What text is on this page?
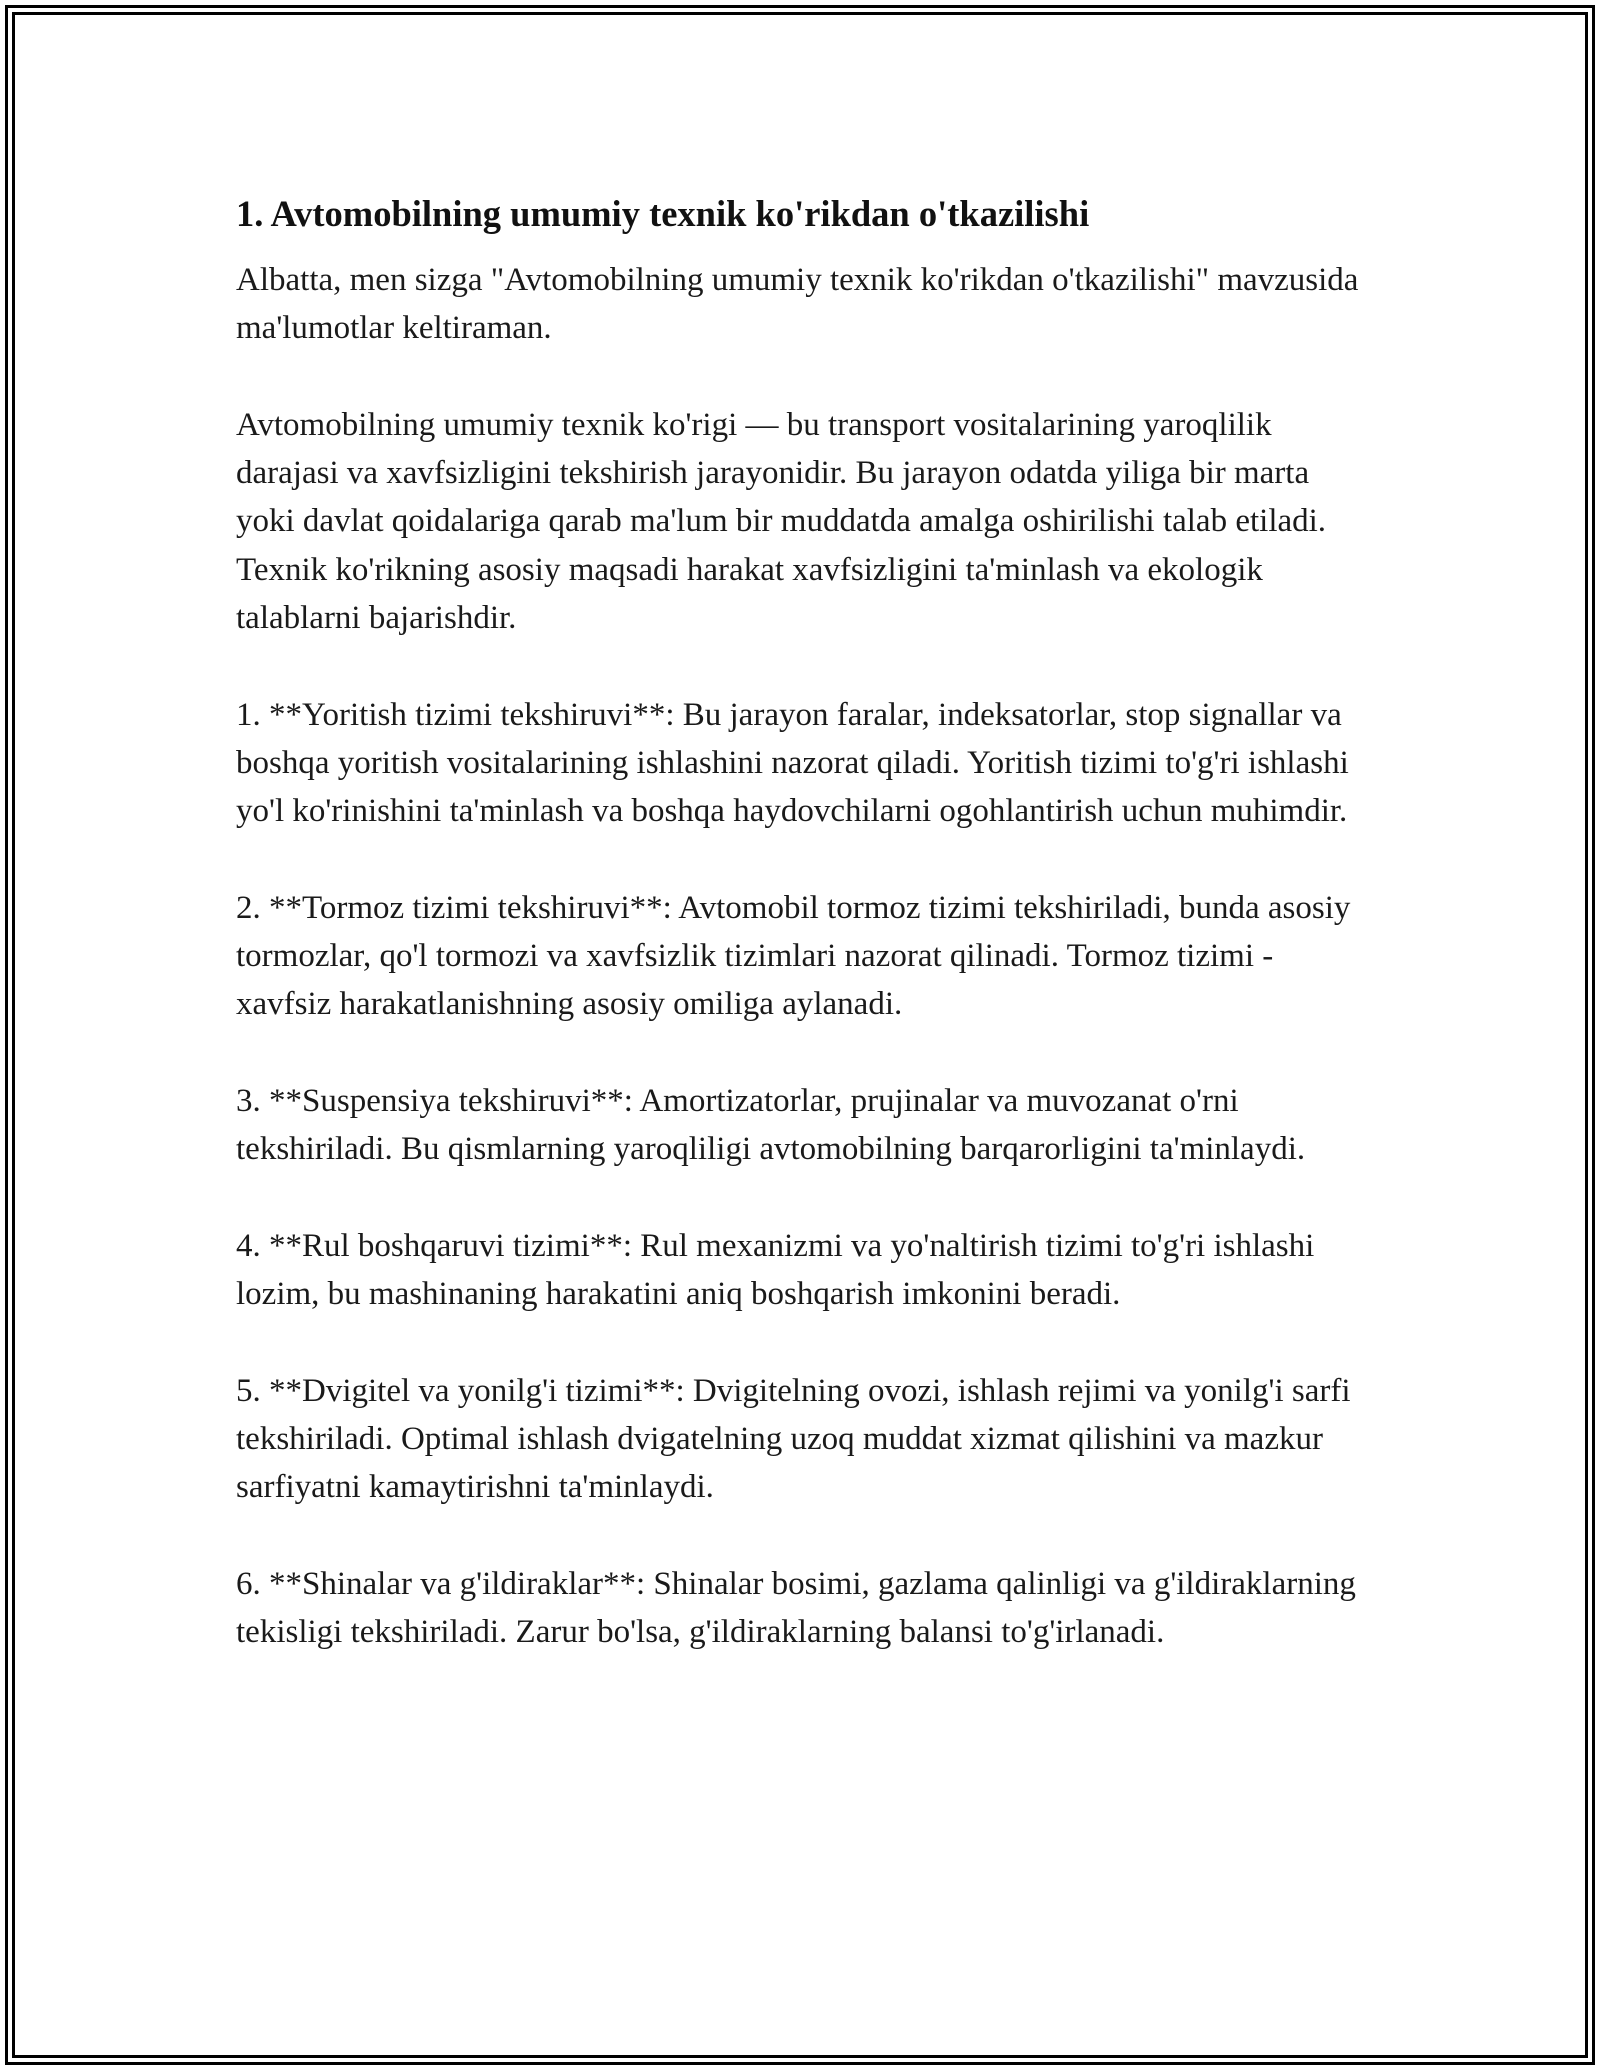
1. Avtomobilning umumiy texnik ko'rikdan o'tkazilishi

Albatta, men sizga "Avtomobilning umumiy texnik ko'rikdan o'tkazilishi" mavzusida ma'lumotlar keltiraman.

Avtomobilning umumiy texnik ko'rigi — bu transport vositalarining yaroqlilik darajasi va xavfsizligini tekshirish jarayonidir. Bu jarayon odatda yiliga bir marta yoki davlat qoidalariga qarab ma'lum bir muddatda amalga oshirilishi talab etiladi. Texnik ko'rikning asosiy maqsadi harakat xavfsizligini ta'minlash va ekologik talablarni bajarishdir.

1. **Yoritish tizimi tekshiruvi**: Bu jarayon faralar, indeksatorlar, stop signallar va boshqa yoritish vositalarining ishlashini nazorat qiladi. Yoritish tizimi to'g'ri ishlashi yo'l ko'rinishini ta'minlash va boshqa haydovchilarni ogohlantirish uchun muhimdir.

2. **Tormoz tizimi tekshiruvi**: Avtomobil tormoz tizimi tekshiriladi, bunda asosiy tormozlar, qo'l tormozi va xavfsizlik tizimlari nazorat qilinadi. Tormoz tizimi - xavfsiz harakatlanishning asosiy omiliga aylanadi.

3. **Suspensiya tekshiruvi**: Amortizatorlar, prujinalar va muvozanat o'rni tekshiriladi. Bu qismlarning yaroqliligi avtomobilning barqarorligini ta'minlaydi.

4. **Rul boshqaruvi tizimi**: Rul mexanizmi va yo'naltirish tizimi to'g'ri ishlashi lozim, bu mashinaning harakatini aniq boshqarish imkonini beradi.

5. **Dvigitel va yonilg'i tizimi**: Dvigitelning ovozi, ishlash rejimi va yonilg'i sarfi tekshiriladi. Optimal ishlash dvigatelning uzoq muddat xizmat qilishini va mazkur sarfiyatni kamaytirishni ta'minlaydi.

6. **Shinalar va g'ildiraklar**: Shinalar bosimi, gazlama qalinligi va g'ildiraklarning tekisligi tekshiriladi. Zarur bo'lsa, g'ildiraklarning balansi to'g'irlanadi.
